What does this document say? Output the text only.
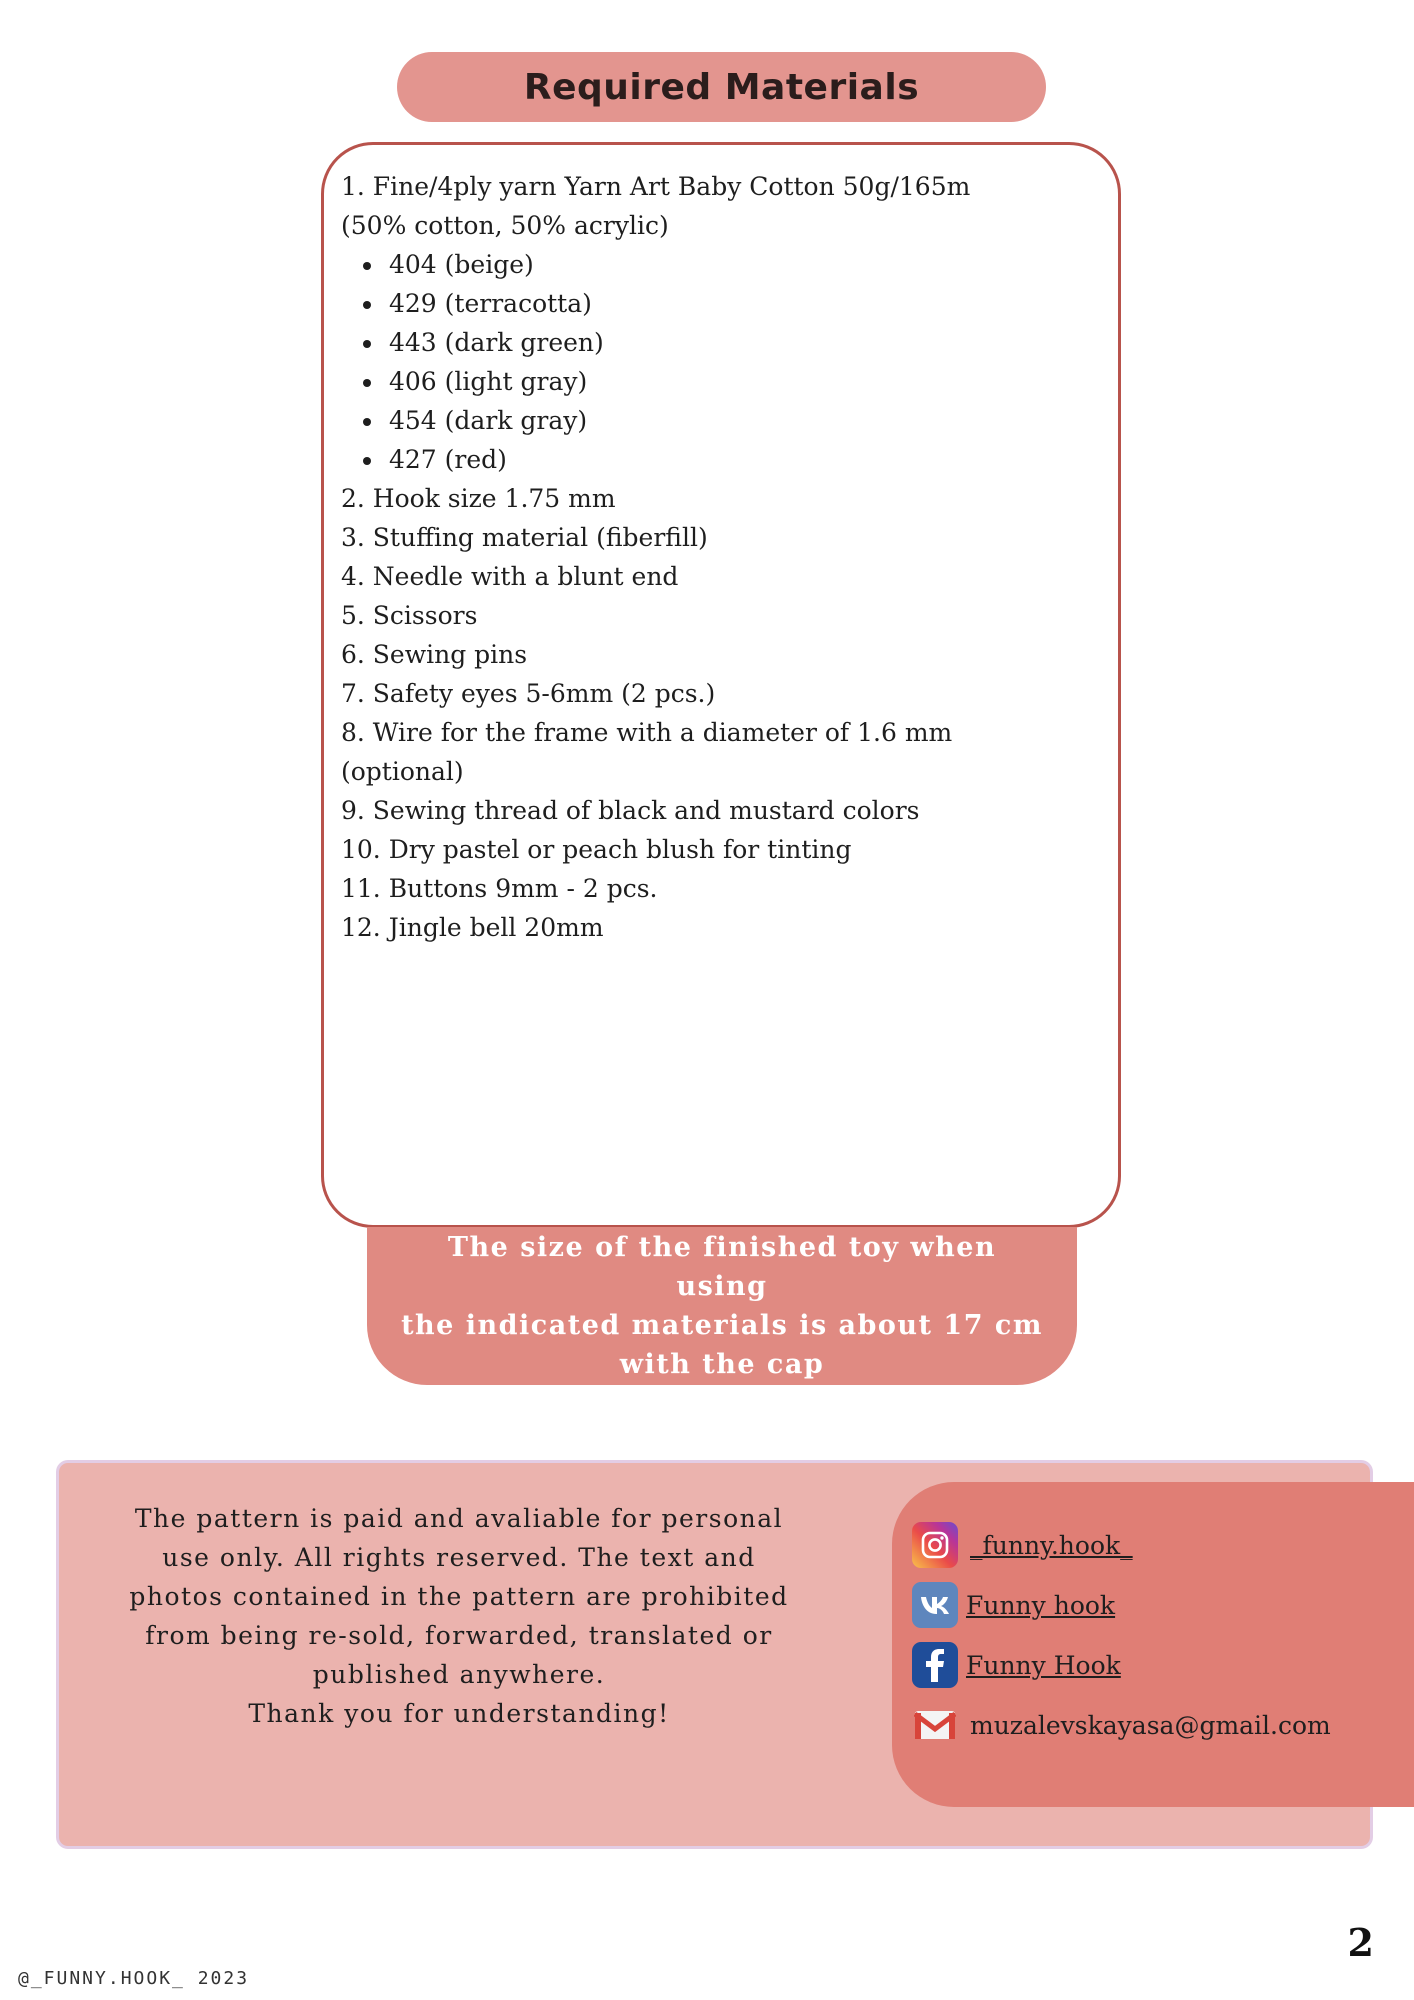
Required Materials
1. Fine/4ply yarn Yarn Art Baby Cotton 50g/165m
(50% cotton, 50% acrylic)
404 (beige)
429 (terracotta)
443 (dark green)
406 (light gray)
454 (dark gray)
427 (red)
2. Hook size 1.75 mm
3. Stuffing material (fiberfill)
4. Needle with a blunt end
5. Scissors
6. Sewing pins
7. Safety eyes 5-6mm (2 pcs.)
8. Wire for the frame with a diameter of 1.6 mm (optional)
9. Sewing thread of black and mustard colors
10. Dry pastel or peach blush for tinting
11. Buttons 9mm - 2 pcs.
12. Jingle bell 20mm

The size of the finished toy when using
the indicated materials is about 17 cm
with the cap

The pattern is paid and avaliable for personal
use only. All rights reserved. The text and
photos contained in the pattern are prohibited
from being re-sold, forwarded, translated or
published anywhere.
Thank you for understanding!
_funny.hook_
Funny hook
Funny Hook
muzalevskayasa@gmail.com
2
@_FUNNY.HOOK_ 2023
